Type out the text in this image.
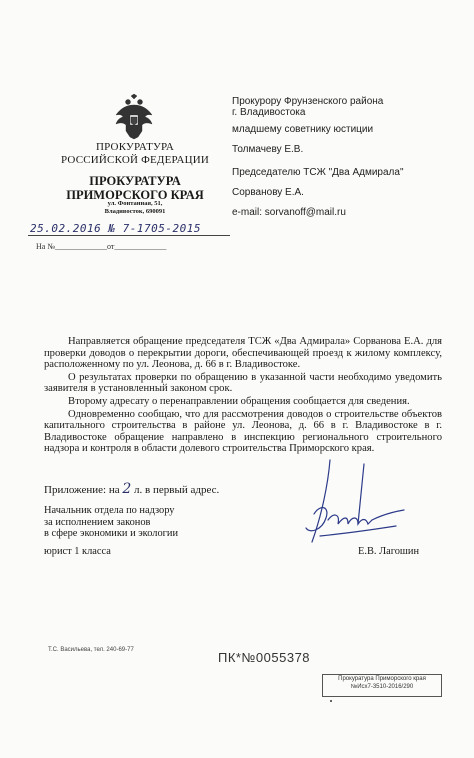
ПРОКУРАТУРА
РОССИЙСКОЙ ФЕДЕРАЦИИ
ПРОКУРАТУРА
ПРИМОРСКОГО КРАЯ
ул. Фонтанная, 51,
Владивосток, 690091
25.02.2016 № 7-1705-2015
На №_____________от_____________
Прокурору Фрунзенского района
г. Владивостока
младшему советнику юстиции
Толмачеву Е.В.
Председателю ТСЖ "Два Адмирала"
Сорванову Е.А.
e-mail: sorvanoff@mail.ru

Направляется обращение председателя ТСЖ «Два Адмирала» Сорванова Е.А. для проверки доводов о перекрытии дороги, обеспечивающей проезд к жилому комплексу, расположенному по ул. Леонова, д. 66 в г. Владивостоке.

О результатах проверки по обращению в указанной части необходимо уведомить заявителя в установленный законом срок.

Второму адресату о перенаправлении обращения сообщается для сведения.

Одновременно сообщаю, что для рассмотрения доводов о строительстве объектов капитального строительства в районе ул. Леонова, д. 66 в г. Владивостоке в г. Владивостоке обращение направлено в инспекцию регионального строительного надзора и контроля в области долевого строительства Приморского края.

Приложение: на 2 л. в первый адрес.
Начальник отдела по надзору
за исполнением законов
в сфере экономики и экологии
юрист 1 класса	Е.В. Лагошин
Т.С. Васильева, тел. 240-69-77	ПК*№0055378
Прокуратура Приморского края
№Исх7-3510-2016/290
